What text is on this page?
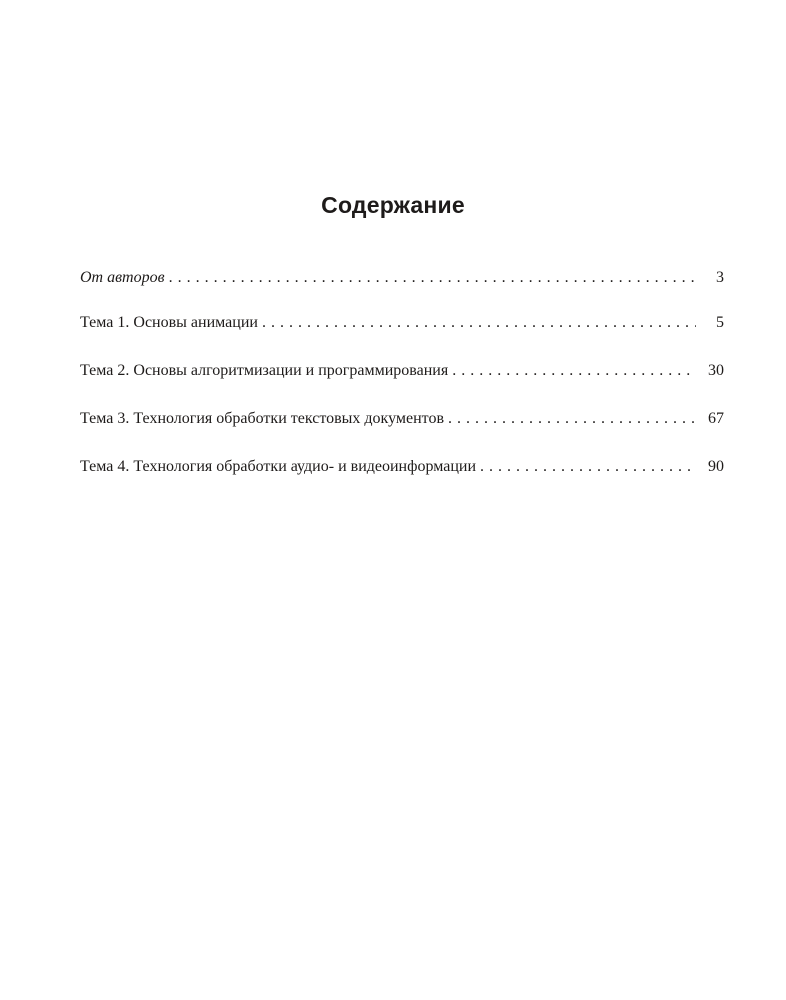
Содержание
От авторов . . .	3
Тема 1. Основы анимации . . .	5
Тема 2. Основы алгоритмизации и программирования . . .	30
Тема 3. Технология обработки текстовых документов . . .	67
Тема 4. Технология обработки аудио- и видеоинформации . . .	90
